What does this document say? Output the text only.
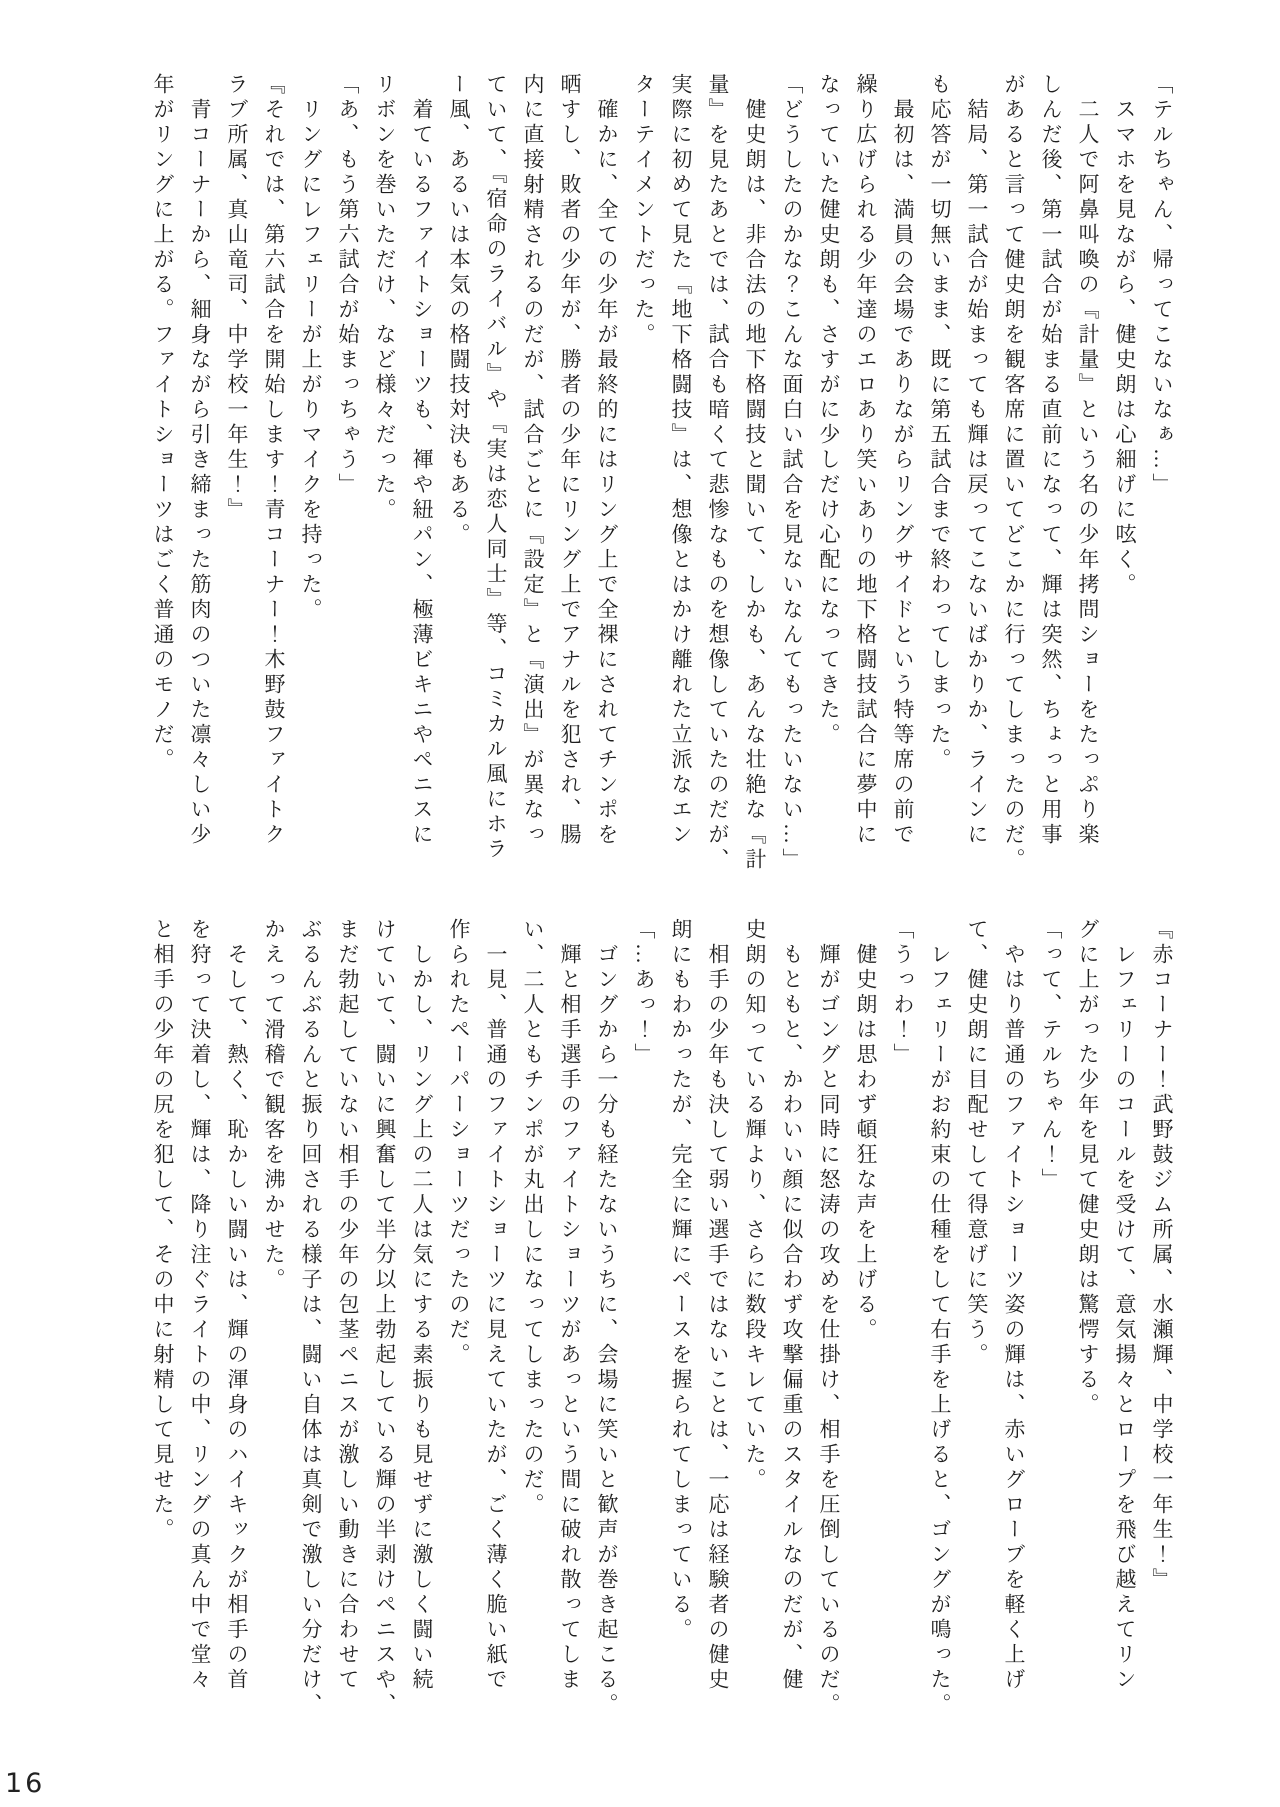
「テルちゃん、帰ってこないなぁ…」
　スマホを見ながら、健史朗は心細げに呟く。
　二人で阿鼻叫喚の『計量』という名の少年拷問ショーをたっぷり楽
しんだ後、第一試合が始まる直前になって、輝は突然、ちょっと用事
があると言って健史朗を観客席に置いてどこかに行ってしまったのだ。
　結局、第一試合が始まっても輝は戻ってこないばかりか、ラインに
も応答が一切無いまま、既に第五試合まで終わってしまった。
　最初は、満員の会場でありながらリングサイドという特等席の前で
繰り広げられる少年達のエロあり笑いありの地下格闘技試合に夢中に
なっていた健史朗も、さすがに少しだけ心配になってきた。
「どうしたのかな？こんな面白い試合を見ないなんてもったいない…」
　健史朗は、非合法の地下格闘技と聞いて、しかも、あんな壮絶な『計
量』を見たあとでは、試合も暗くて悲惨なものを想像していたのだが、
実際に初めて見た『地下格闘技』は、想像とはかけ離れた立派なエン
ターテイメントだった。
　確かに、全ての少年が最終的にはリング上で全裸にされてチンポを
晒すし、敗者の少年が、勝者の少年にリング上でアナルを犯され、腸
内に直接射精されるのだが、試合ごとに『設定』と『演出』が異なっ
ていて、『宿命のライバル』や『実は恋人同士』等、コミカル風にホラ
ー風、あるいは本気の格闘技対決もある。
　着ているファイトショーツも、褌や紐パン、極薄ビキニやペニスに
リボンを巻いただけ、など様々だった。
「あ、もう第六試合が始まっちゃう」
　リングにレフェリーが上がりマイクを持った。
『それでは、第六試合を開始します！青コーナー！木野鼓ファイトク
ラブ所属、真山竜司、中学校一年生！』
　青コーナーから、細身ながら引き締まった筋肉のついた凛々しい少
年がリングに上がる。ファイトショーツはごく普通のモノだ。
『赤コーナー！武野鼓ジム所属、水瀬輝、中学校一年生！』
　レフェリーのコールを受けて、意気揚々とロープを飛び越えてリン
グに上がった少年を見て健史朗は驚愕する。
「って、テルちゃん！」
　やはり普通のファイトショーツ姿の輝は、赤いグローブを軽く上げ
て、健史朗に目配せして得意げに笑う。
　レフェリーがお約束の仕種をして右手を上げると、ゴングが鳴った。
「うっわ！」
　健史朗は思わず頓狂な声を上げる。
　輝がゴングと同時に怒涛の攻めを仕掛け、相手を圧倒しているのだ。
　もともと、かわいい顔に似合わず攻撃偏重のスタイルなのだが、健
史朗の知っている輝より、さらに数段キレていた。
　相手の少年も決して弱い選手ではないことは、一応は経験者の健史
朗にもわかったが、完全に輝にペースを握られてしまっている。
「…あっ！」
　ゴングから一分も経たないうちに、会場に笑いと歓声が巻き起こる。
　輝と相手選手のファイトショーツがあっという間に破れ散ってしま
い、二人ともチンポが丸出しになってしまったのだ。
　一見、普通のファイトショーツに見えていたが、ごく薄く脆い紙で
作られたペーパーショーツだったのだ。
　しかし、リング上の二人は気にする素振りも見せずに激しく闘い続
けていて、闘いに興奮して半分以上勃起している輝の半剥けペニスや、
まだ勃起していない相手の少年の包茎ペニスが激しい動きに合わせて
ぶるんぶるんと振り回される様子は、闘い自体は真剣で激しい分だけ、
かえって滑稽で観客を沸かせた。
　そして、熱く、恥かしい闘いは、輝の渾身のハイキックが相手の首
を狩って決着し、輝は、降り注ぐライトの中、リングの真ん中で堂々
と相手の少年の尻を犯して、その中に射精して見せた。
16
